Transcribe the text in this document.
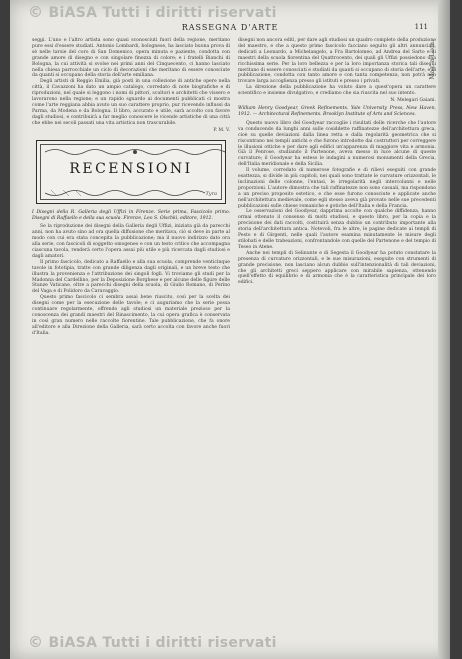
© BiASA Tutti i diritti riservati
RASSEGNA D'ARTE	111
Mag. a Luca.

seggi. L'uno e l'altro artista sono quasi sconosciuti fuori della regione, meritano pure essi d'essere studiati. Antonio Lombardi, bolognese, ha lasciato buona prova di sè nelle tarsie del coro di San Domenico, opera minuta e paziente, condotta con grande amore di disegno e con singolare finezza di colore; e i fratelli Bianchi di Bologna, la cui attività si svolse nei primi anni del Cinquecento, ci hanno lasciato nella chiesa parrocchiale un ciclo di decorazioni che meritano di essere conosciute da quanti si occupano della storia dell'arte emiliana.

Degli artisti di Reggio Emilia, già posti in una collezione di antiche opere nella città, il Cavazzoni ha dato un ampio catalogo, corredato di note biografiche e di riproduzioni, nel quale si leggono i nomi di pittori, scultori e architetti che vissero e lavorarono nella regione; e un rapido sguardo ai documenti pubblicati ci mostra come l'arte reggiana abbia avuto un suo carattere proprio, pur ricevendo influssi da Parma, da Modena e da Bologna. Il libro, accurato e utile, sarà accolto con favore dagli studiosi, e contribuirà a far meglio conoscere le vicende artistiche di una città che ebbe nei secoli passati una vita artistica non trascurabile.

P. M. V.
RECENSIONI
Tyra
I Disegni della R. Galleria degli Uffizi in Firenze. Serie prima, Fascicolo primo. Disegni di Raffaello e della sua scuola. Firenze, Leo S. Olschki, editore, 1912.

Se la riproduzione dei disegni della Galleria degli Uffizi, iniziata già da parecchi anni, non ha avuto sino ad ora quella diffusione che meritava, ciò si deve in parte al modo con cui era stata concepita la pubblicazione; ma il nuovo indirizzo dato ora alla serie, con fascicoli di soggetto omogeneo e con un testo critico che accompagna ciascuna tavola, renderà certo l'opera assai più utile e più ricercata dagli studiosi e dagli amatori.

Il primo fascicolo, dedicato a Raffaello e alla sua scuola, comprende venticinque tavole in fototipia, tratte con grande diligenza dagli originali, e un breve testo che illustra la provenienza e l'attribuzione dei singoli fogli. Vi troviamo gli studi per la Madonna del Cardellino, per la Deposizione Borghese e per alcune delle figure delle Stanze Vaticane, oltre a parecchi disegni della scuola, di Giulio Romano, di Perino del Vaga e di Polidoro da Caravaggio.

Questo primo fascicolo ci sembra assai bene riuscito, così per la scelta dei disegni come per la esecuzione delle tavole; e ci auguriamo che la serie possa continuare regolarmente, offrendo agli studiosi un materiale prezioso per la conoscenza dei grandi maestri del Rinascimento, la cui opera grafica è conservata in così gran numero nelle raccolte fiorentine. Tale pubblicazione, che fa onore all'editore e alla Direzione della Galleria, sarà certo accolta con favore anche fuori d'Italia.

disegni non ancora editi, per dare agli studiosi un quadro completo della produzione del maestro, e che a questo primo fascicolo facciano seguito gli altri annunciati, dedicati a Leonardo, a Michelangelo, a Fra Bartolomeo, ad Andrea del Sarto e ai maestri della scuola fiorentina del Quattrocento, dei quali gli Uffizi possiedono una ricchissima serie. Per la loro bellezza e per la loro importanza storica tali disegni meritano di essere conosciuti e studiati da quanti si occupano di storia dell'arte, e la pubblicazione, condotta con tanto amore e con tanta competenza, non potrà non trovare larga accoglienza presso gli istituti e presso i privati.

La direzione della pubblicazione ha voluto dare a quest'opera un carattere scientifico e insieme divulgativo, e crediamo che sia riuscita nel suo intento.

N. Melegari Gaiani.
William Henry Goodyear, Greek Refinements. Yale University Press, New Haven, 1912. — Architectural Refinements. Brooklyn Institute of Arts and Sciences.

Questo nuovo libro del Goodyear raccoglie i risultati delle ricerche che l'autore va conducendo da lunghi anni sulle cosiddette raffinatezze dell'architettura greca, cioè su quelle deviazioni dalla linea retta e dalla regolarità geometrica che si riscontrano nei templi antichi e che furono introdotte dai costruttori per correggere le illusioni ottiche e per dare agli edifici un'apparenza di maggiore vita e armonia. Già il Penrose, studiando il Partenone, aveva messo in luce alcune di queste curvature; il Goodyear ha esteso le indagini a numerosi monumenti della Grecia, dell'Italia meridionale e della Sicilia.

Il volume, corredato di numerose fotografie e di rilievi eseguiti con grande esattezza, si divide in più capitoli, nei quali sono trattate le curvature orizzontali, le inclinazioni delle colonne, l'entasi, le irregolarità negli intercolunni e nelle proporzioni. L'autore dimostra che tali raffinatezze non sono casuali, ma rispondono a un preciso proposito estetico, e che esse furono conosciute e applicate anche nell'architettura medievale, come egli stesso aveva già provato nelle sue precedenti pubblicazioni sulle chiese romaniche e gotiche dell'Italia e della Francia.

Le osservazioni del Goodyear, dapprima accolte con qualche diffidenza, hanno ormai ottenuto il consenso di molti studiosi, e questo libro, per la copia e la precisione dei dati raccolti, costituirà senza dubbio un contributo importante alla storia dell'architettura antica. Notevoli, fra le altre, le pagine dedicate ai templi di Pesto e di Girgenti, nelle quali l'autore esamina minutamente le misure degli stilobati e delle trabeazioni, confrontandole con quelle del Partenone e del tempio di Teseo in Atene.

Anche nei templi di Selinunte e di Segesta il Goodyear ha potuto constatare la presenza di curvature orizzontali, e le sue misurazioni, eseguite con strumenti di grande precisione, non lasciano alcun dubbio sull'intenzionalità di tali deviazioni, che gli architetti greci seppero applicare con mirabile sapienza, ottenendo quell'effetto di equilibrio e di armonia che è la caratteristica principale dei loro edifici.

© BiASA Tutti i diritti riservati
